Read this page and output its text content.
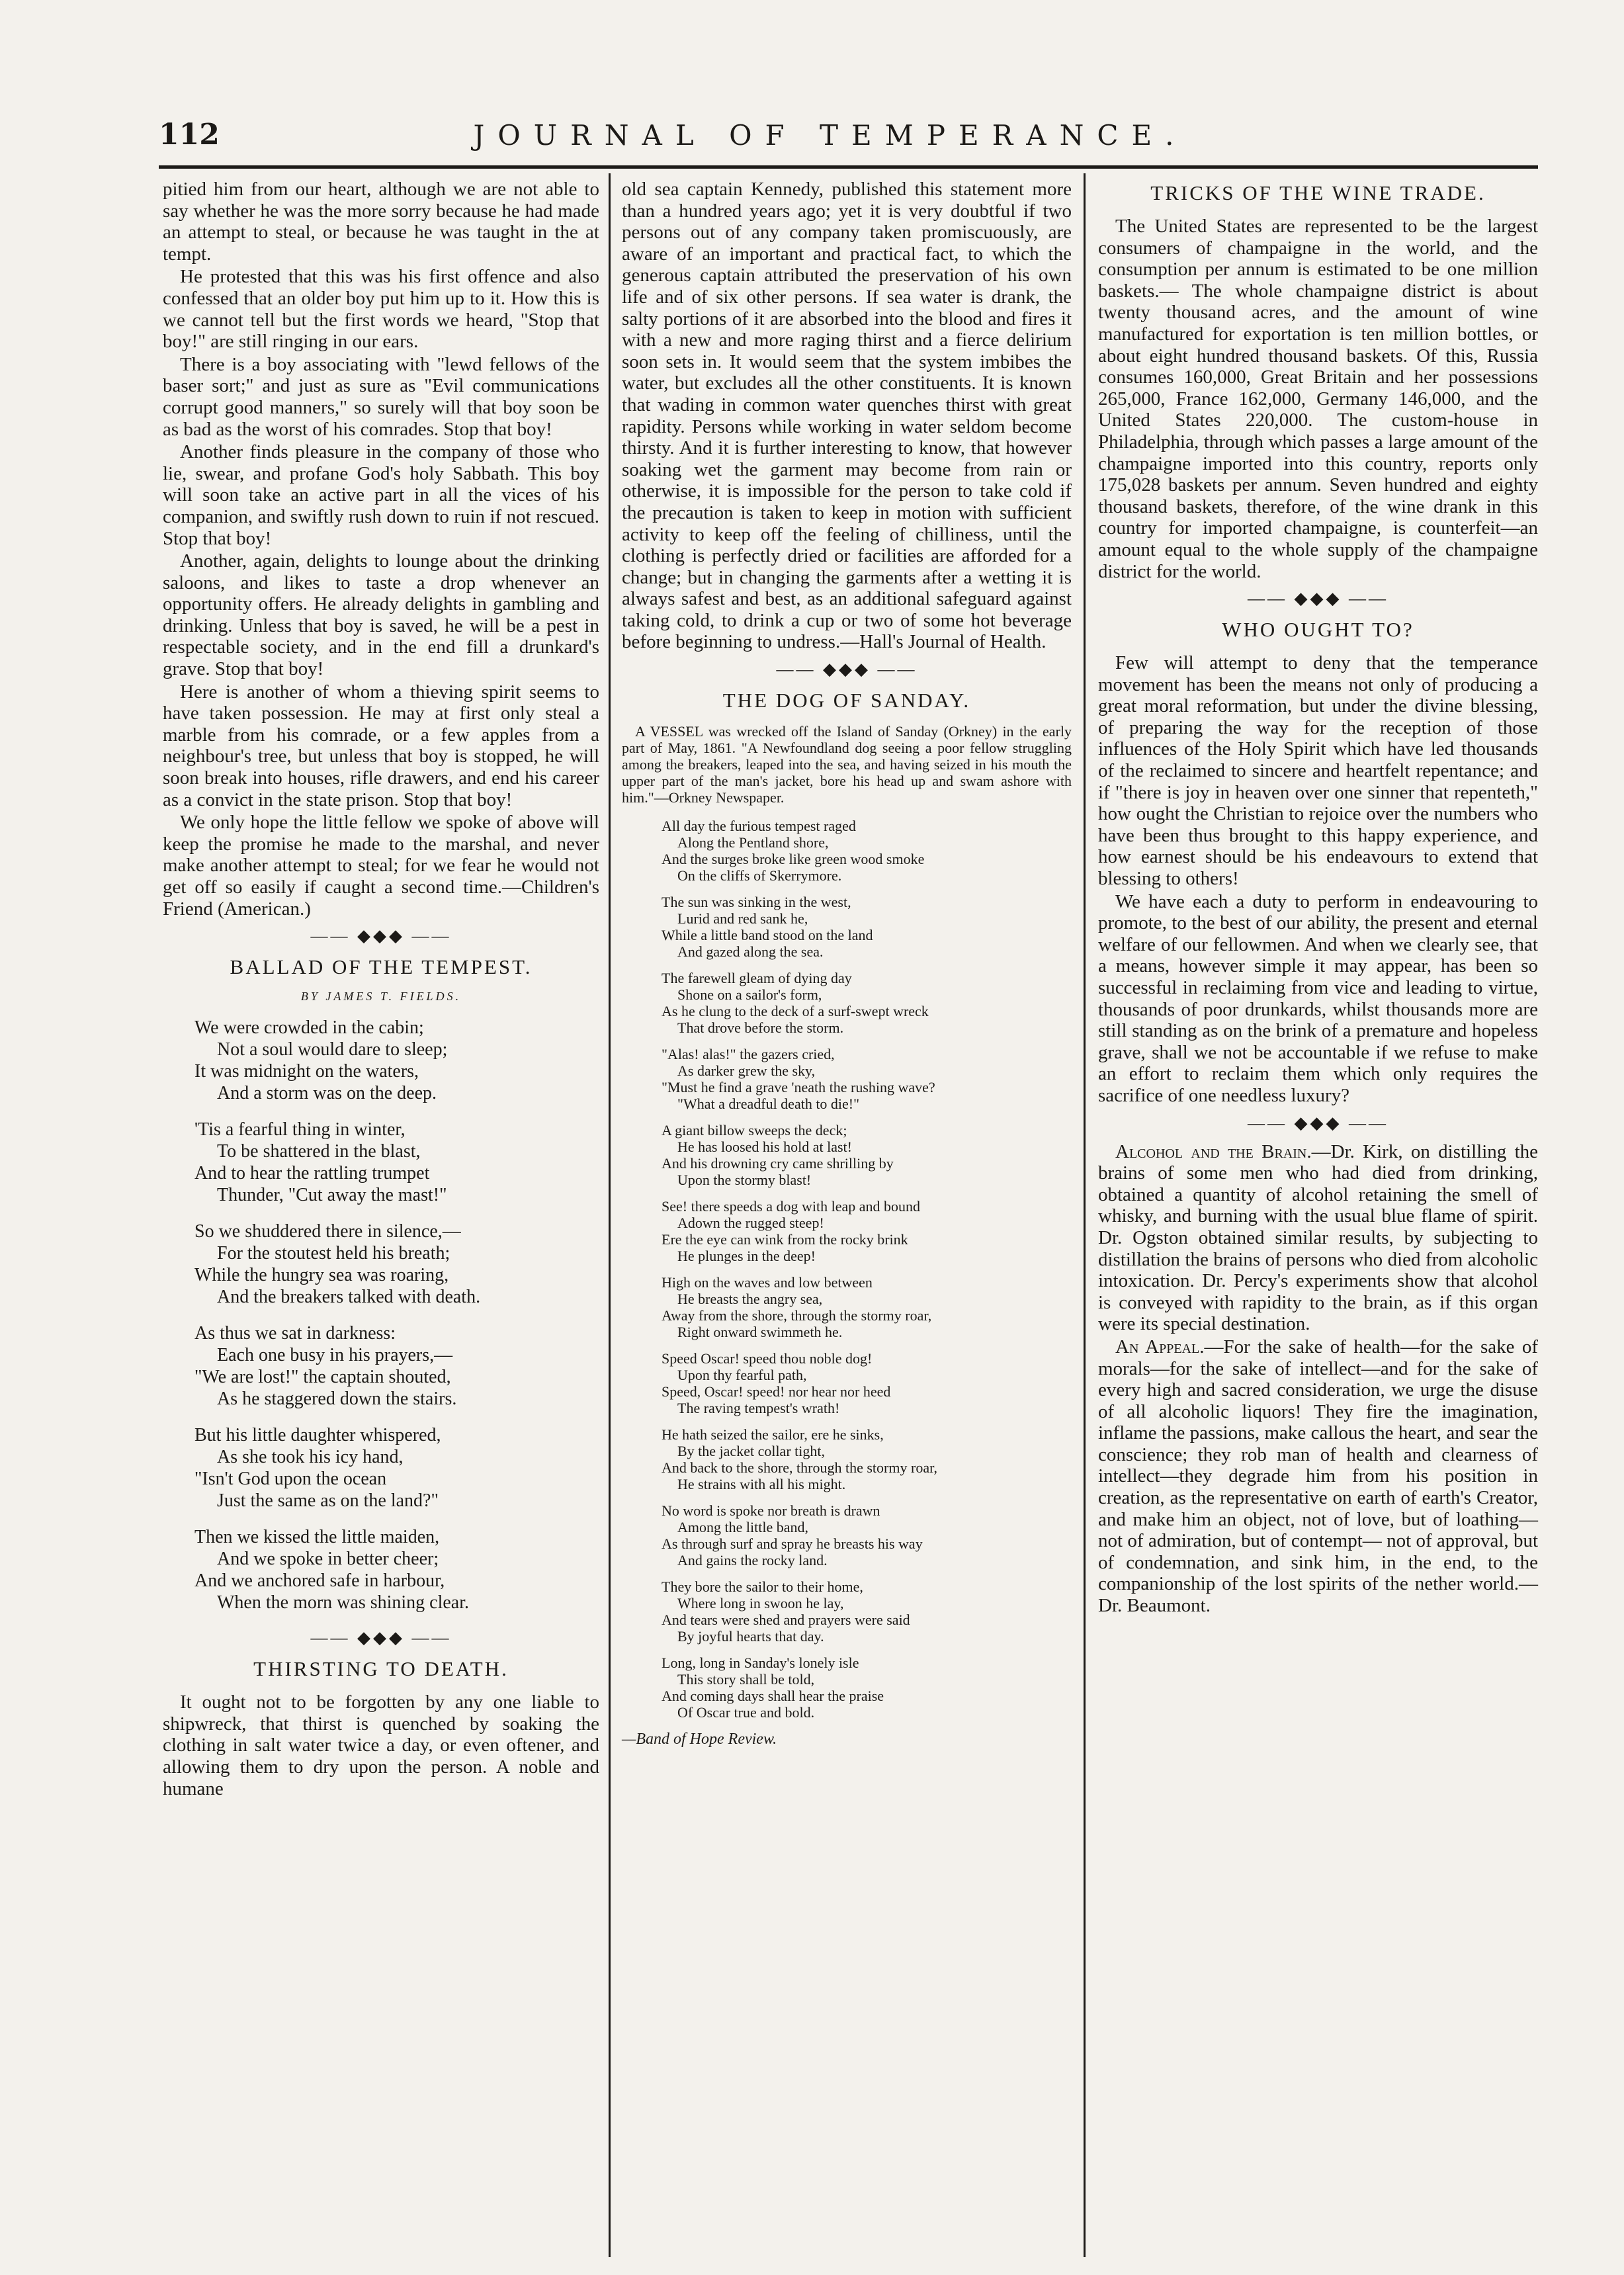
112	JOURNAL OF TEMPERANCE.

pitied him from our heart, although we are not able to say whether he was the more sorry because he had made an attempt to steal, or because he was taught in the at tempt.

He protested that this was his first offence and also confessed that an older boy put him up to it. How this is we cannot tell but the first words we heard, "Stop that boy!" are still ringing in our ears.

There is a boy associating with "lewd fellows of the baser sort;" and just as sure as "Evil communications corrupt good manners," so surely will that boy soon be as bad as the worst of his comrades. Stop that boy!

Another finds pleasure in the company of those who lie, swear, and profane God's holy Sabbath. This boy will soon take an active part in all the vices of his companion, and swiftly rush down to ruin if not rescued. Stop that boy!

Another, again, delights to lounge about the drinking saloons, and likes to taste a drop whenever an opportunity offers. He already delights in gambling and drinking. Unless that boy is saved, he will be a pest in respectable society, and in the end fill a drunkard's grave. Stop that boy!

Here is another of whom a thieving spirit seems to have taken possession. He may at first only steal a marble from his comrade, or a few apples from a neighbour's tree, but unless that boy is stopped, he will soon break into houses, rifle drawers, and end his career as a convict in the state prison. Stop that boy!

We only hope the little fellow we spoke of above will keep the promise he made to the marshal, and never make another attempt to steal; for we fear he would not get off so easily if caught a second time.—Children's Friend (American.)

—— ◆◆◆ ——
BALLAD OF THE TEMPEST.
BY JAMES T. FIELDS.
We were crowded in the cabin;
Not a soul would dare to sleep;
It was midnight on the waters,
And a storm was on the deep.
'Tis a fearful thing in winter,
To be shattered in the blast,
And to hear the rattling trumpet
Thunder, "Cut away the mast!"
So we shuddered there in silence,—
For the stoutest held his breath;
While the hungry sea was roaring,
And the breakers talked with death.
As thus we sat in darkness:
Each one busy in his prayers,—
"We are lost!" the captain shouted,
As he staggered down the stairs.
But his little daughter whispered,
As she took his icy hand,
"Isn't God upon the ocean
Just the same as on the land?"
Then we kissed the little maiden,
And we spoke in better cheer;
And we anchored safe in harbour,
When the morn was shining clear.
—— ◆◆◆ ——
THIRSTING TO DEATH.

It ought not to be forgotten by any one liable to shipwreck, that thirst is quenched by soaking the clothing in salt water twice a day, or even oftener, and allowing them to dry upon the person. A noble and humane

old sea captain Kennedy, published this statement more than a hundred years ago; yet it is very doubtful if two persons out of any company taken promiscuously, are aware of an important and practical fact, to which the generous captain attributed the preservation of his own life and of six other persons. If sea water is drank, the salty portions of it are absorbed into the blood and fires it with a new and more raging thirst and a fierce delirium soon sets in. It would seem that the system imbibes the water, but excludes all the other constituents. It is known that wading in common water quenches thirst with great rapidity. Persons while working in water seldom become thirsty. And it is further interesting to know, that however soaking wet the garment may become from rain or otherwise, it is impossible for the person to take cold if the precaution is taken to keep in motion with sufficient activity to keep off the feeling of chilliness, until the clothing is perfectly dried or facilities are afforded for a change; but in changing the garments after a wetting it is always safest and best, as an additional safeguard against taking cold, to drink a cup or two of some hot beverage before beginning to undress.—Hall's Journal of Health.

—— ◆◆◆ ——
THE DOG OF SANDAY.

A VESSEL was wrecked off the Island of Sanday (Orkney) in the early part of May, 1861. "A Newfoundland dog seeing a poor fellow struggling among the breakers, leaped into the sea, and having seized in his mouth the upper part of the man's jacket, bore his head up and swam ashore with him."—Orkney Newspaper.

All day the furious tempest raged
Along the Pentland shore,
And the surges broke like green wood smoke
On the cliffs of Skerrymore.
The sun was sinking in the west,
Lurid and red sank he,
While a little band stood on the land
And gazed along the sea.
The farewell gleam of dying day
Shone on a sailor's form,
As he clung to the deck of a surf-swept wreck
That drove before the storm.
"Alas! alas!" the gazers cried,
As darker grew the sky,
"Must he find a grave 'neath the rushing wave?
"What a dreadful death to die!"
A giant billow sweeps the deck;
He has loosed his hold at last!
And his drowning cry came shrilling by
Upon the stormy blast!
See! there speeds a dog with leap and bound
Adown the rugged steep!
Ere the eye can wink from the rocky brink
He plunges in the deep!
High on the waves and low between
He breasts the angry sea,
Away from the shore, through the stormy roar,
Right onward swimmeth he.
Speed Oscar! speed thou noble dog!
Upon thy fearful path,
Speed, Oscar! speed! nor hear nor heed
The raving tempest's wrath!
He hath seized the sailor, ere he sinks,
By the jacket collar tight,
And back to the shore, through the stormy roar,
He strains with all his might.
No word is spoke nor breath is drawn
Among the little band,
As through surf and spray he breasts his way
And gains the rocky land.
They bore the sailor to their home,
Where long in swoon he lay,
And tears were shed and prayers were said
By joyful hearts that day.
Long, long in Sanday's lonely isle
This story shall be told,
And coming days shall hear the praise
Of Oscar true and bold.
—Band of Hope Review.
TRICKS OF THE WINE TRADE.

The United States are represented to be the largest consumers of champaigne in the world, and the consumption per annum is estimated to be one million baskets.— The whole champaigne district is about twenty thousand acres, and the amount of wine manufactured for exportation is ten million bottles, or about eight hundred thousand baskets. Of this, Russia consumes 160,000, Great Britain and her possessions 265,000, France 162,000, Germany 146,000, and the United States 220,000. The custom-house in Philadelphia, through which passes a large amount of the champaigne imported into this country, reports only 175,028 baskets per annum. Seven hundred and eighty thousand baskets, therefore, of the wine drank in this country for imported champaigne, is counterfeit—an amount equal to the whole supply of the champaigne district for the world.

—— ◆◆◆ ——
WHO OUGHT TO?

Few will attempt to deny that the temperance movement has been the means not only of producing a great moral reformation, but under the divine blessing, of preparing the way for the reception of those influences of the Holy Spirit which have led thousands of the reclaimed to sincere and heartfelt repentance; and if "there is joy in heaven over one sinner that repenteth," how ought the Christian to rejoice over the numbers who have been thus brought to this happy experience, and how earnest should be his endeavours to extend that blessing to others!

We have each a duty to perform in endeavouring to promote, to the best of our ability, the present and eternal welfare of our fellowmen. And when we clearly see, that a means, however simple it may appear, has been so successful in reclaiming from vice and leading to virtue, thousands of poor drunkards, whilst thousands more are still standing as on the brink of a premature and hopeless grave, shall we not be accountable if we refuse to make an effort to reclaim them which only requires the sacrifice of one needless luxury?

—— ◆◆◆ ——

Alcohol and the Brain.—Dr. Kirk, on distilling the brains of some men who had died from drinking, obtained a quantity of alcohol retaining the smell of whisky, and burning with the usual blue flame of spirit. Dr. Ogston obtained similar results, by subjecting to distillation the brains of persons who died from alcoholic intoxication. Dr. Percy's experiments show that alcohol is conveyed with rapidity to the brain, as if this organ were its special destination.

An Appeal.—For the sake of health—for the sake of morals—for the sake of intellect—and for the sake of every high and sacred consideration, we urge the disuse of all alcoholic liquors! They fire the imagination, inflame the passions, make callous the heart, and sear the conscience; they rob man of health and clearness of intellect—they degrade him from his position in creation, as the representative on earth of earth's Creator, and make him an object, not of love, but of loathing—not of admiration, but of contempt— not of approval, but of condemnation, and sink him, in the end, to the companionship of the lost spirits of the nether world.—Dr. Beaumont.
